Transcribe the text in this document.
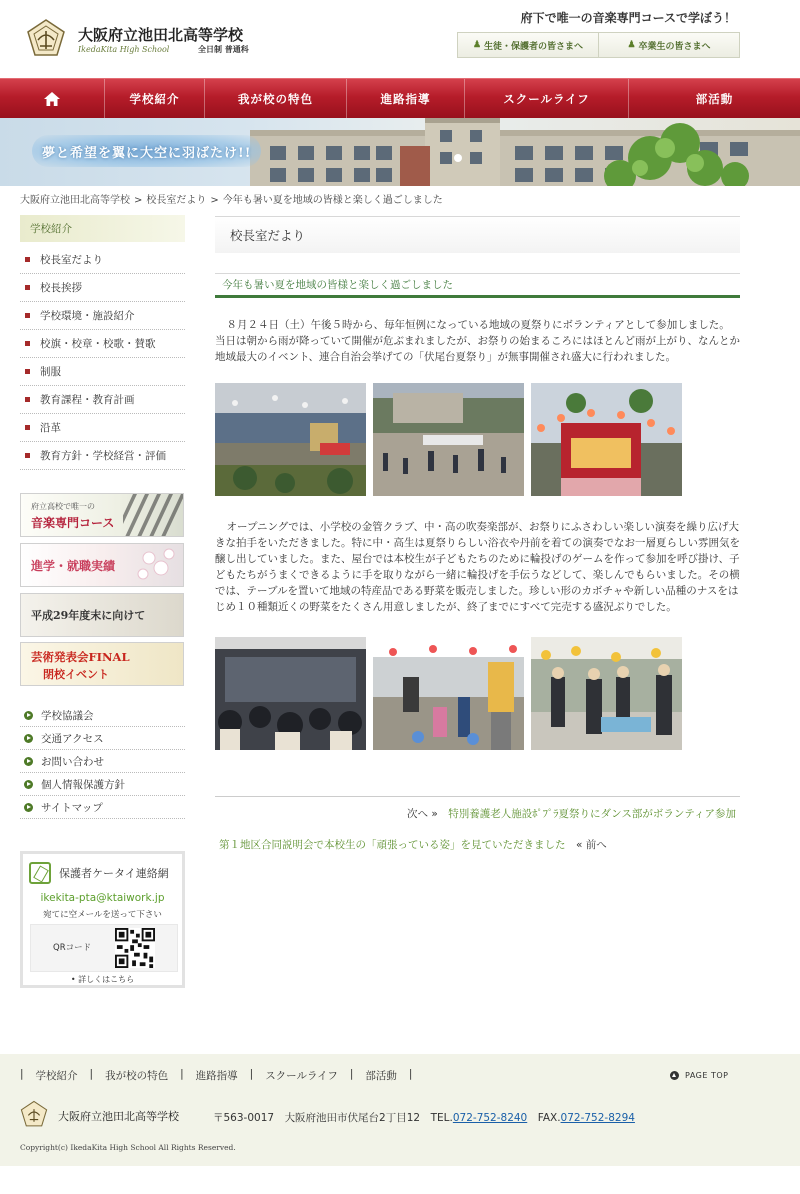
大阪府立池田北高等学校
IkedaKita High School	全日制 普通科
府下で唯一の音楽専門コースで学ぼう！
♟ 生徒・保護者の皆さまへ	♟ 卒業生の皆さまへ
学校紹介	我が校の特色	進路指導	スクールライフ	部活動
夢と希望を翼に大空に羽ばたけ!!
大阪府立池田北高等学校 > 校長室だより > 今年も暑い夏を地域の皆様と楽しく過ごしました
学校紹介
校長室だより
校長挨拶
学校環境・施設紹介
校旗・校章・校歌・賛歌
制服
教育課程・教育計画
沿革
教育方針・学校経営・評価
府立高校で唯一の
音楽専門コース
進学・就職実績
平成29年度末に向けて
芸術発表会FINAL
閉校イベント
学校協議会
交通アクセス
お問い合わせ
個人情報保護方針
サイトマップ
保護者ケータイ連絡網
ikekita-pta@ktaiwork.jp
宛てに空メールを送って下さい
QRコード
• 詳しくはこちら
校長室だより
今年も暑い夏を地域の皆様と楽しく過ごしました
８月２４日（土）午後５時から、毎年恒例になっている地域の夏祭りにボランティアとして参加しました。当日は朝から雨が降っていて開催が危ぶまれましたが、お祭りの始まるころにはほとんど雨が上がり、なんとか地域最大のイベント、連合自治会挙げての「伏尾台夏祭り」が無事開催され盛大に行われました。
オープニングでは、小学校の金管クラブ、中・高の吹奏楽部が、お祭りにふさわしい楽しい演奏を繰り広げ大きな拍手をいただきました。特に中・高生は夏祭りらしい浴衣や丹前を着ての演奏でなお一層夏らしい雰囲気を醸し出していました。また、屋台では本校生が子どもたちのために輪投げのゲームを作って参加を呼び掛け、子どもたちがうまくできるように手を取りながら一緒に輪投げを手伝うなどして、楽しんでもらいました。その横では、テーブルを置いて地域の特産品である野菜を販売しました。珍しい形のカボチャや新しい品種のナスをはじめ１０種類近くの野菜をたくさん用意しましたが、終了までにすべて完売する盛況ぶりでした。
次へ »　 特別養護老人施設ﾎﾟﾌﾟﾗ夏祭りにダンス部がボランティア参加
第１地区合同説明会で本校生の「頑張っている姿」を見ていただきました　 « 前へ
| 学校紹介 | 我が校の特色 | 進路指導 | スクールライフ | 部活動 |	PAGE TOP
大阪府立池田北高等学校	〒563-0017　 大阪府池田市伏尾台2丁目12　 TEL.072-752-8240　 FAX.072-752-8294
Copyright(c) IkedaKita High School All Rights Reserved.
